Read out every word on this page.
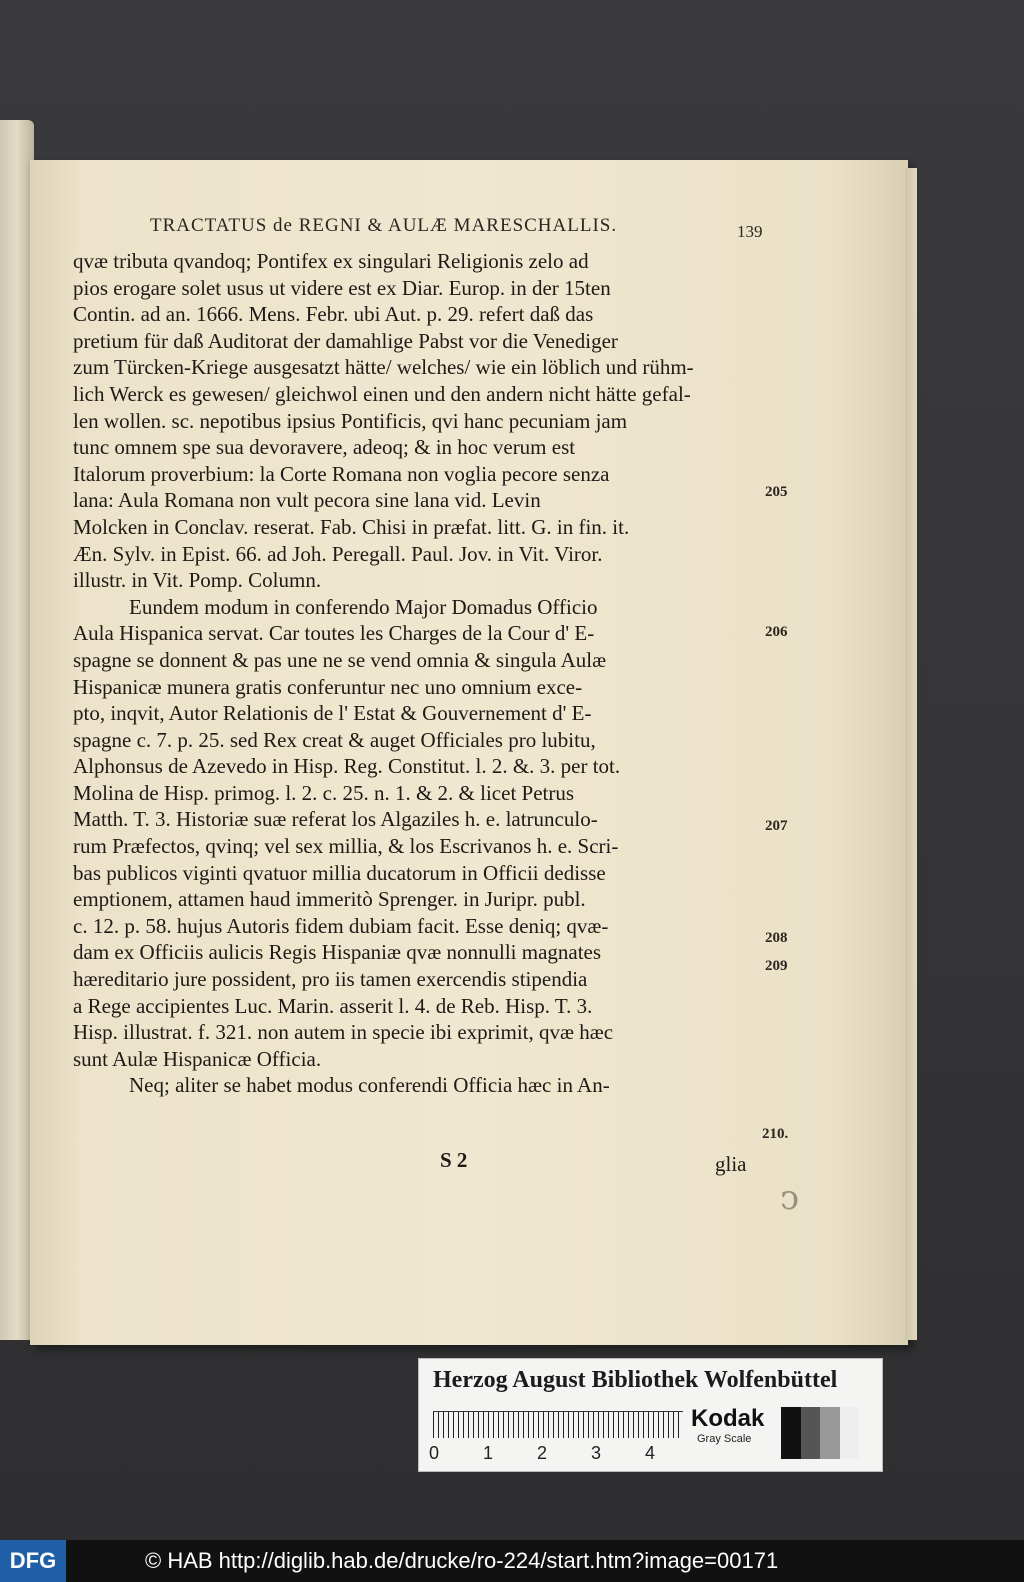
TRACTATUS de REGNI & AULÆ MARESCHALLIS.	139
qvæ tributa qvandoq; Pontifex ex singulari Religionis zelo ad
pios erogare solet usus ut videre est ex Diar. Europ. in der 15ten
Contin. ad an. 1666. Mens. Febr. ubi Aut. p. 29. refert daß das
pretium für daß Auditorat der damahlige Pabst vor die Venediger
zum Türcken-Kriege ausgesatzt hätte/ welches/ wie ein löblich und rühm-
lich Werck es gewesen/ gleichwol einen und den andern nicht hätte gefal-
len wollen. sc. nepotibus ipsius Pontificis, qvi hanc pecuniam jam
tunc omnem spe sua devoravere, adeoq; & in hoc verum est
Italorum proverbium: la Corte Romana non voglia pecore senza
lana: Aula Romana non vult pecora sine lana vid. Levin
Molcken in Conclav. reserat. Fab. Chisi in præfat. litt. G. in fin. it.
Æn. Sylv. in Epist. 66. ad Joh. Peregall. Paul. Jov. in Vit. Viror.
illustr. in Vit. Pomp. Column.
Eundem modum in conferendo Major Domadus Officio
Aula Hispanica servat. Car toutes les Charges de la Cour d' E-
spagne se donnent & pas une ne se vend omnia & singula Aulæ
Hispanicæ munera gratis conferuntur nec uno omnium exce-
pto, inqvit, Autor Relationis de l' Estat & Gouvernement d' E-
spagne c. 7. p. 25. sed Rex creat & auget Officiales pro lubitu,
Alphonsus de Azevedo in Hisp. Reg. Constitut. l. 2. &. 3. per tot.
Molina de Hisp. primog. l. 2. c. 25. n. 1. & 2. & licet Petrus
Matth. T. 3. Historiæ suæ referat los Algaziles h. e. latrunculo-
rum Præfectos, qvinq; vel sex millia, & los Escrivanos h. e. Scri-
bas publicos viginti qvatuor millia ducatorum in Officii dedisse
emptionem, attamen haud immeritò Sprenger. in Juripr. publ.
c. 12. p. 58. hujus Autoris fidem dubiam facit. Esse deniq; qvæ-
dam ex Officiis aulicis Regis Hispaniæ qvæ nonnulli magnates
hæreditario jure possident, pro iis tamen exercendis stipendia
a Rege accipientes Luc. Marin. asserit l. 4. de Reb. Hisp. T. 3.
Hisp. illustrat. f. 321. non autem in specie ibi exprimit, qvæ hæc
sunt Aulæ Hispanicæ Officia.
Neq; aliter se habet modus conferendi Officia hæc in An-
205
206
207
208
209
210.
S 2	glia
ↄ
Herzog August Bibliothek Wolfenbüttel
0	1	2	3	4
Kodak
Gray Scale
DFG	© HAB http://diglib.hab.de/drucke/ro-224/start.htm?image=00171
